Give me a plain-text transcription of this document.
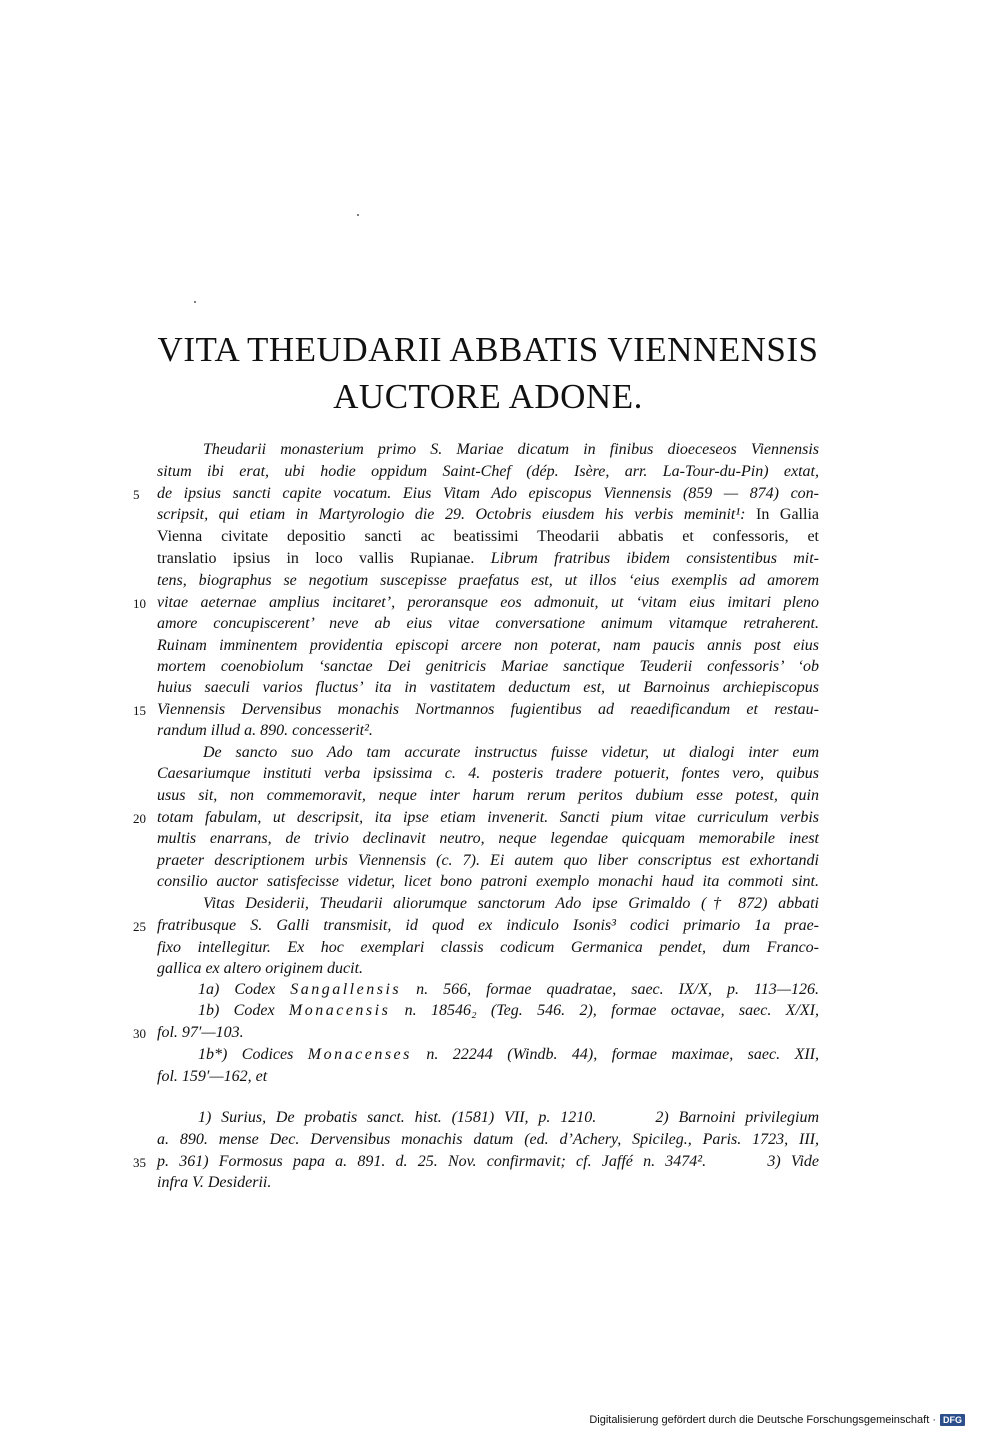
VITA THEUDARII ABBATIS VIENNENSIS
AUCTORE ADONE.
5
10
15
20
25
30
35
Theudarii monasterium primo S. Mariae dicatum in finibus dioeceseos Viennensis
situm ibi erat, ubi hodie oppidum Saint-Chef (dép. Isère, arr. La-Tour-du-Pin) extat,
de ipsius sancti capite vocatum. Eius Vitam Ado episcopus Viennensis (859 — 874) con-
scripsit, qui etiam in Martyrologio die 29. Octobris eiusdem his verbis meminit¹: In Gallia
Vienna civitate depositio sancti ac beatissimi Theodarii abbatis et confessoris, et
translatio ipsius in loco vallis Rupianae. Librum fratribus ibidem consistentibus mit-
tens, biographus se negotium suscepisse praefatus est, ut illos ‘eius exemplis ad amorem
vitae aeternae amplius incitaret’, peroransque eos admonuit, ut ‘vitam eius imitari pleno
amore concupiscerent’ neve ab eius vitae conversatione animum vitamque retraherent.
Ruinam imminentem providentia episcopi arcere non poterat, nam paucis annis post eius
mortem coenobiolum ‘sanctae Dei genitricis Mariae sanctique Teuderii confessoris’ ‘ob
huius saeculi varios fluctus’ ita in vastitatem deductum est, ut Barnoinus archiepiscopus
Viennensis Dervensibus monachis Nortmannos fugientibus ad reaedificandum et restau-
randum illud a. 890. concesserit².
De sancto suo Ado tam accurate instructus fuisse videtur, ut dialogi inter eum
Caesariumque instituti verba ipsissima c. 4. posteris tradere potuerit, fontes vero, quibus
usus sit, non commemoravit, neque inter harum rerum peritos dubium esse potest, quin
totam fabulam, ut descripsit, ita ipse etiam invenerit. Sancti pium vitae curriculum verbis
multis enarrans, de trivio declinavit neutro, neque legendae quicquam memorabile inest
praeter descriptionem urbis Viennensis (c. 7). Ei autem quo liber conscriptus est exhortandi
consilio auctor satisfecisse videtur, licet bono patroni exemplo monachi haud ita commoti sint.
Vitas Desiderii, Theudarii aliorumque sanctorum Ado ipse Grimaldo († 872) abbati
fratribusque S. Galli transmisit, id quod ex indiculo Isonis³ codici primario 1a prae-
fixo intellegitur. Ex hoc exemplari classis codicum Germanica pendet, dum Franco-
gallica ex altero originem ducit.
1a) Codex Sangallensis n. 566, formae quadratae, saec. IX/X, p. 113—126.
1b) Codex Monacensis n. 18546₂ (Teg. 546. 2), formae octavae, saec. X/XI,
fol. 97′—103.
1b*) Codices Monacenses n. 22244 (Windb. 44), formae maximae, saec. XII,
fol. 159′—162, et
1) Surius, De probatis sanct. hist. (1581) VII, p. 1210.      2) Barnoini privilegium
a. 890. mense Dec. Dervensibus monachis datum (ed. d’Achery, Spicileg., Paris. 1723, III,
p. 361) Formosus papa a. 891. d. 25. Nov. confirmavit; cf. Jaffé n. 3474².      3) Vide
infra V. Desiderii.
Digitalisierung gefördert durch die Deutsche Forschungsgemeinschaft · DFG
